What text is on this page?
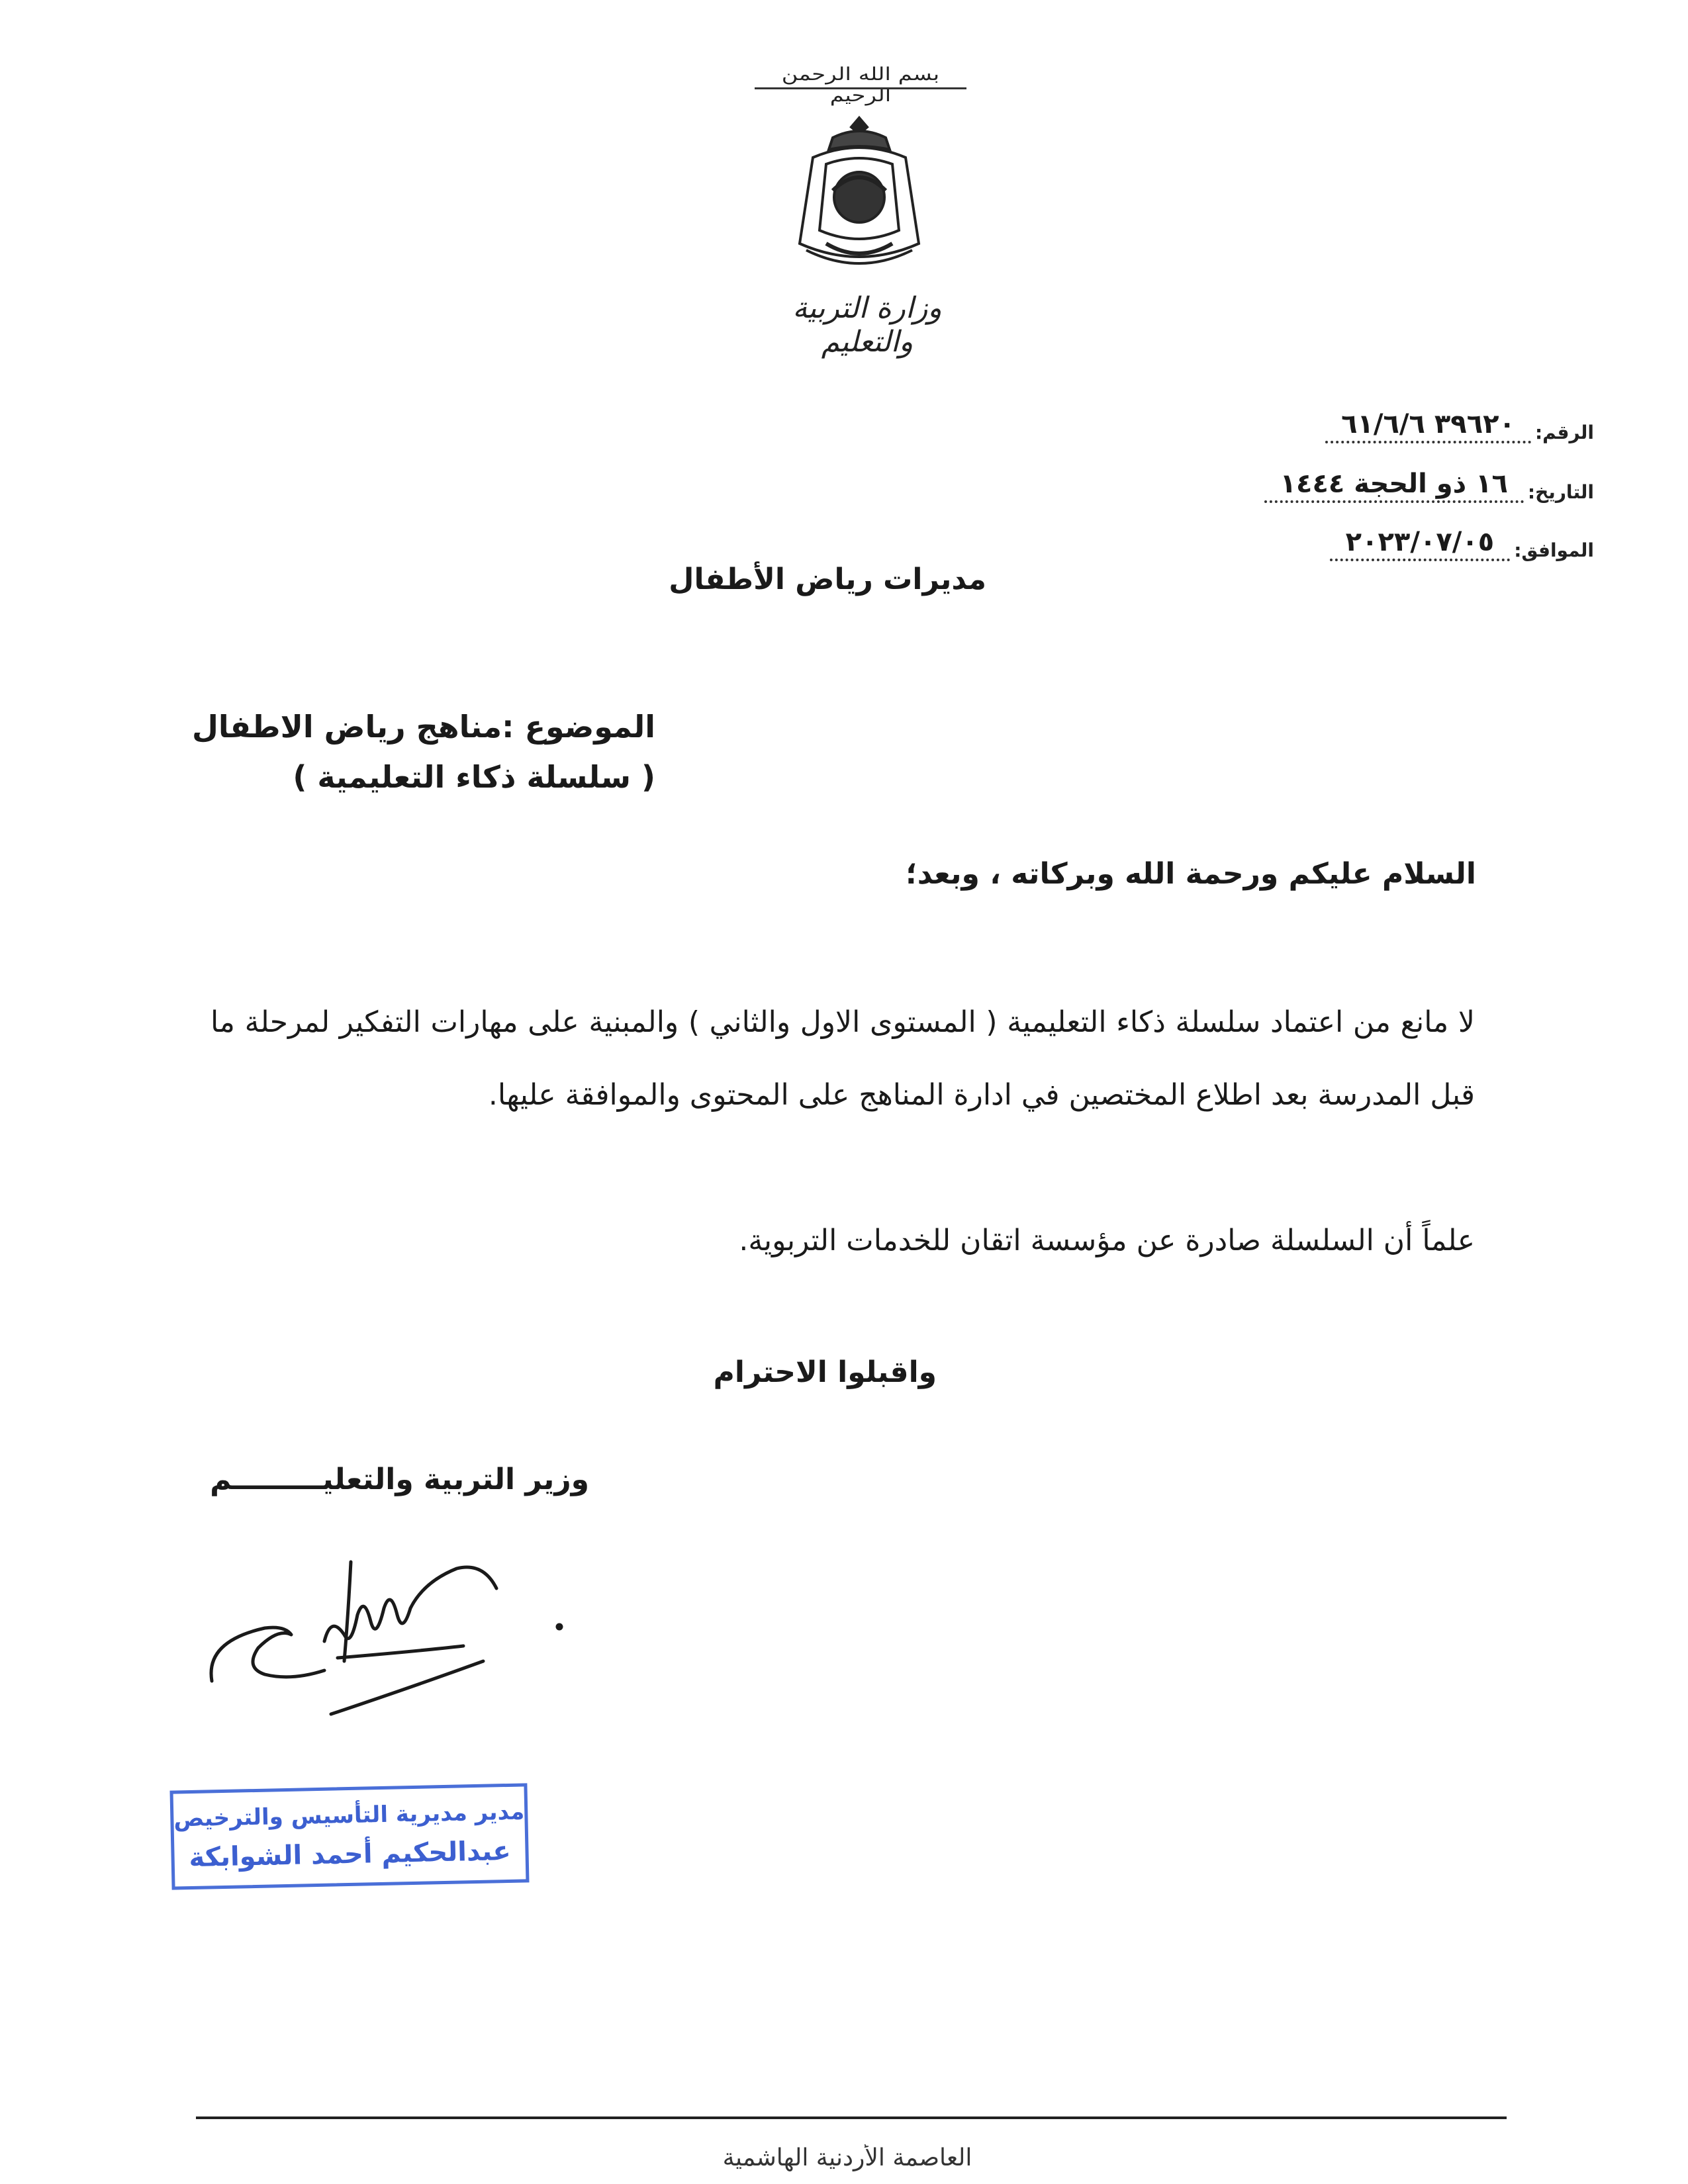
بسم الله الرحمن الرحيم
وزارة التربية والتعليم
الرقم:
٣٩٦٢٠ ٦١/٦/٦
التاريخ:
١٦ ذو الحجة ١٤٤٤
الموافق:
٢٠٢٣/٠٧/٠٥
مديرات رياض الأطفال
الموضوع :مناهج رياض الاطفال
( سلسلة ذكاء التعليمية )
السلام عليكم ورحمة الله وبركاته ، وبعد؛

لا مانع من اعتماد سلسلة ذكاء التعليمية ( المستوى الاول والثاني ) والمبنية على مهارات التفكير لمرحلة ما قبل المدرسة بعد اطلاع المختصين في ادارة المناهج على المحتوى والموافقة عليها.

علماً أن السلسلة صادرة عن مؤسسة اتقان للخدمات التربوية.
واقبلوا الاحترام
وزير التربية والتعليـــــــــم
مدير مديرية التأسيس والترخيص
عبدالحكيم أحمد الشوابكة
العاصمة الأردنية الهاشمية
